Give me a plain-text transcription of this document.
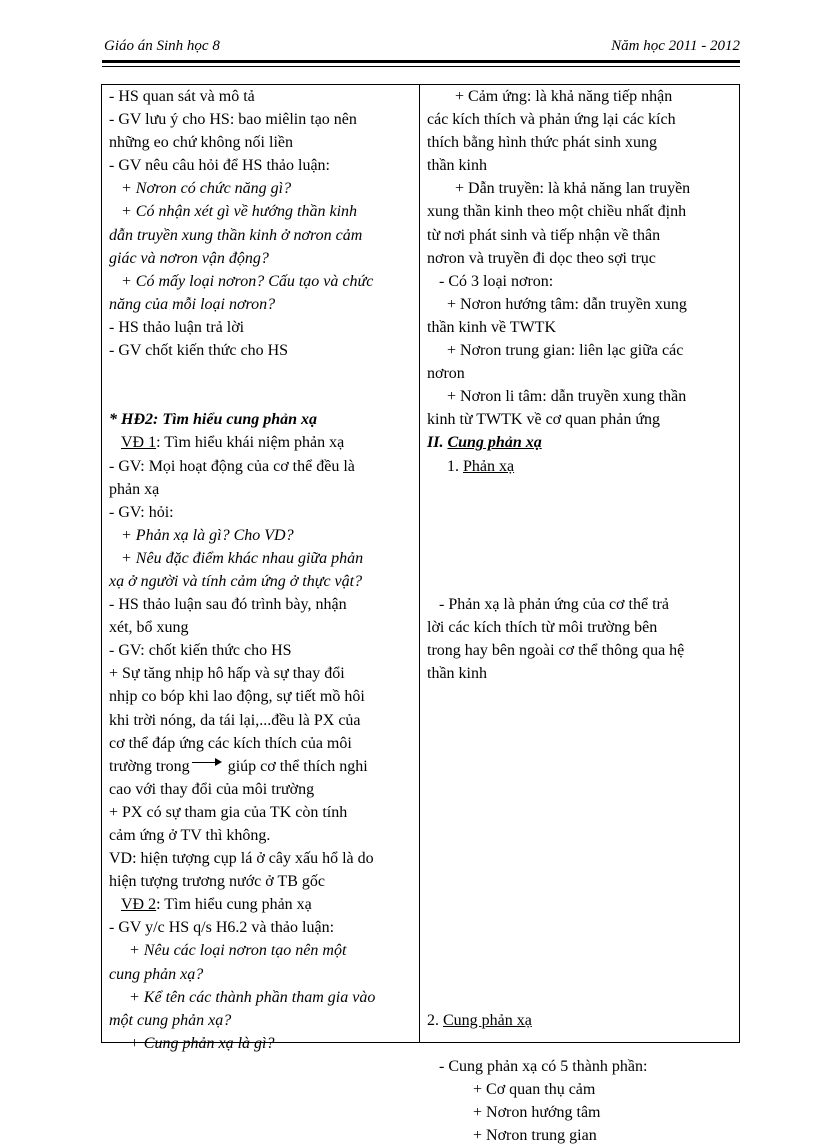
Giáo án Sinh học 8	Năm học 2011 - 2012
- HS quan sát và mô tả
- GV lưu ý cho HS: bao miêlin tạo nên
những eo chứ không nối liền
- GV nêu câu hỏi để HS thảo luận:
+ Nơron có chức năng gì?
+ Có nhận xét gì về hướng thần kinh
dẫn truyền xung thần kinh ở nơron cảm
giác và nơron vận động?
+ Có mấy loại nơron? Cấu tạo và chức
năng của mỗi loại nơron?
- HS thảo luận trả lời
- GV chốt kiến thức cho HS
* HĐ2: Tìm hiểu cung phản xạ
VĐ 1: Tìm hiểu khái niệm phản xạ
- GV: Mọi hoạt động của cơ thể đều là
phản xạ
- GV: hỏi:
+ Phản xạ là gì? Cho VD?
+ Nêu đặc điểm khác nhau giữa phản
xạ ở người và tính cảm ứng ở thực vật?
- HS thảo luận sau đó trình bày, nhận
xét, bổ xung
- GV: chốt kiến thức cho HS
+ Sự tăng nhịp hô hấp và sự thay đổi
nhịp co bóp khi lao động, sự tiết mồ hôi
khi trời nóng, da tái lại,...đều là PX của
cơ thể đáp ứng các kích thích của môi
trường trong giúp cơ thể thích nghi
cao với thay đổi của môi trường
+ PX có sự tham gia của TK còn tính
cảm ứng ở TV thì không.
VD: hiện tượng cụp lá ở cây xấu hổ là do
hiện tượng trương nước ở TB gốc
VĐ 2: Tìm hiểu cung phản xạ
- GV y/c HS q/s H6.2 và thảo luận:
+ Nêu các loại nơron tạo nên một
cung phản xạ?
+ Kể tên các thành phần tham gia vào
một cung phản xạ?
+ Cung phản xạ là gì?
+ Cảm ứng: là khả năng tiếp nhận
các kích thích và phản ứng lại các kích
thích bằng hình thức phát sinh xung
thần kinh
+ Dẫn truyền: là khả năng lan truyền
xung thần kinh theo một chiều nhất định
từ nơi phát sinh và tiếp nhận về thân
nơron và truyền đi dọc theo sợi trục
- Có 3 loại nơron:
+ Nơron hướng tâm: dẫn truyền xung
thần kinh về TWTK
+ Nơron trung gian: liên lạc giữa các
nơron
+ Nơron li tâm: dẫn truyền xung thần
kinh từ TWTK về cơ quan phản ứng
II. Cung phản xạ
1. Phản xạ
- Phản xạ là phản ứng của cơ thể trả
lời các kích thích từ môi trường bên
trong hay bên ngoài cơ thể thông qua hệ
thần kinh
2. Cung phản xạ
- Cung phản xạ có 5 thành phần:
+ Cơ quan thụ cảm
+ Nơron hướng tâm
+ Nơron trung gian
